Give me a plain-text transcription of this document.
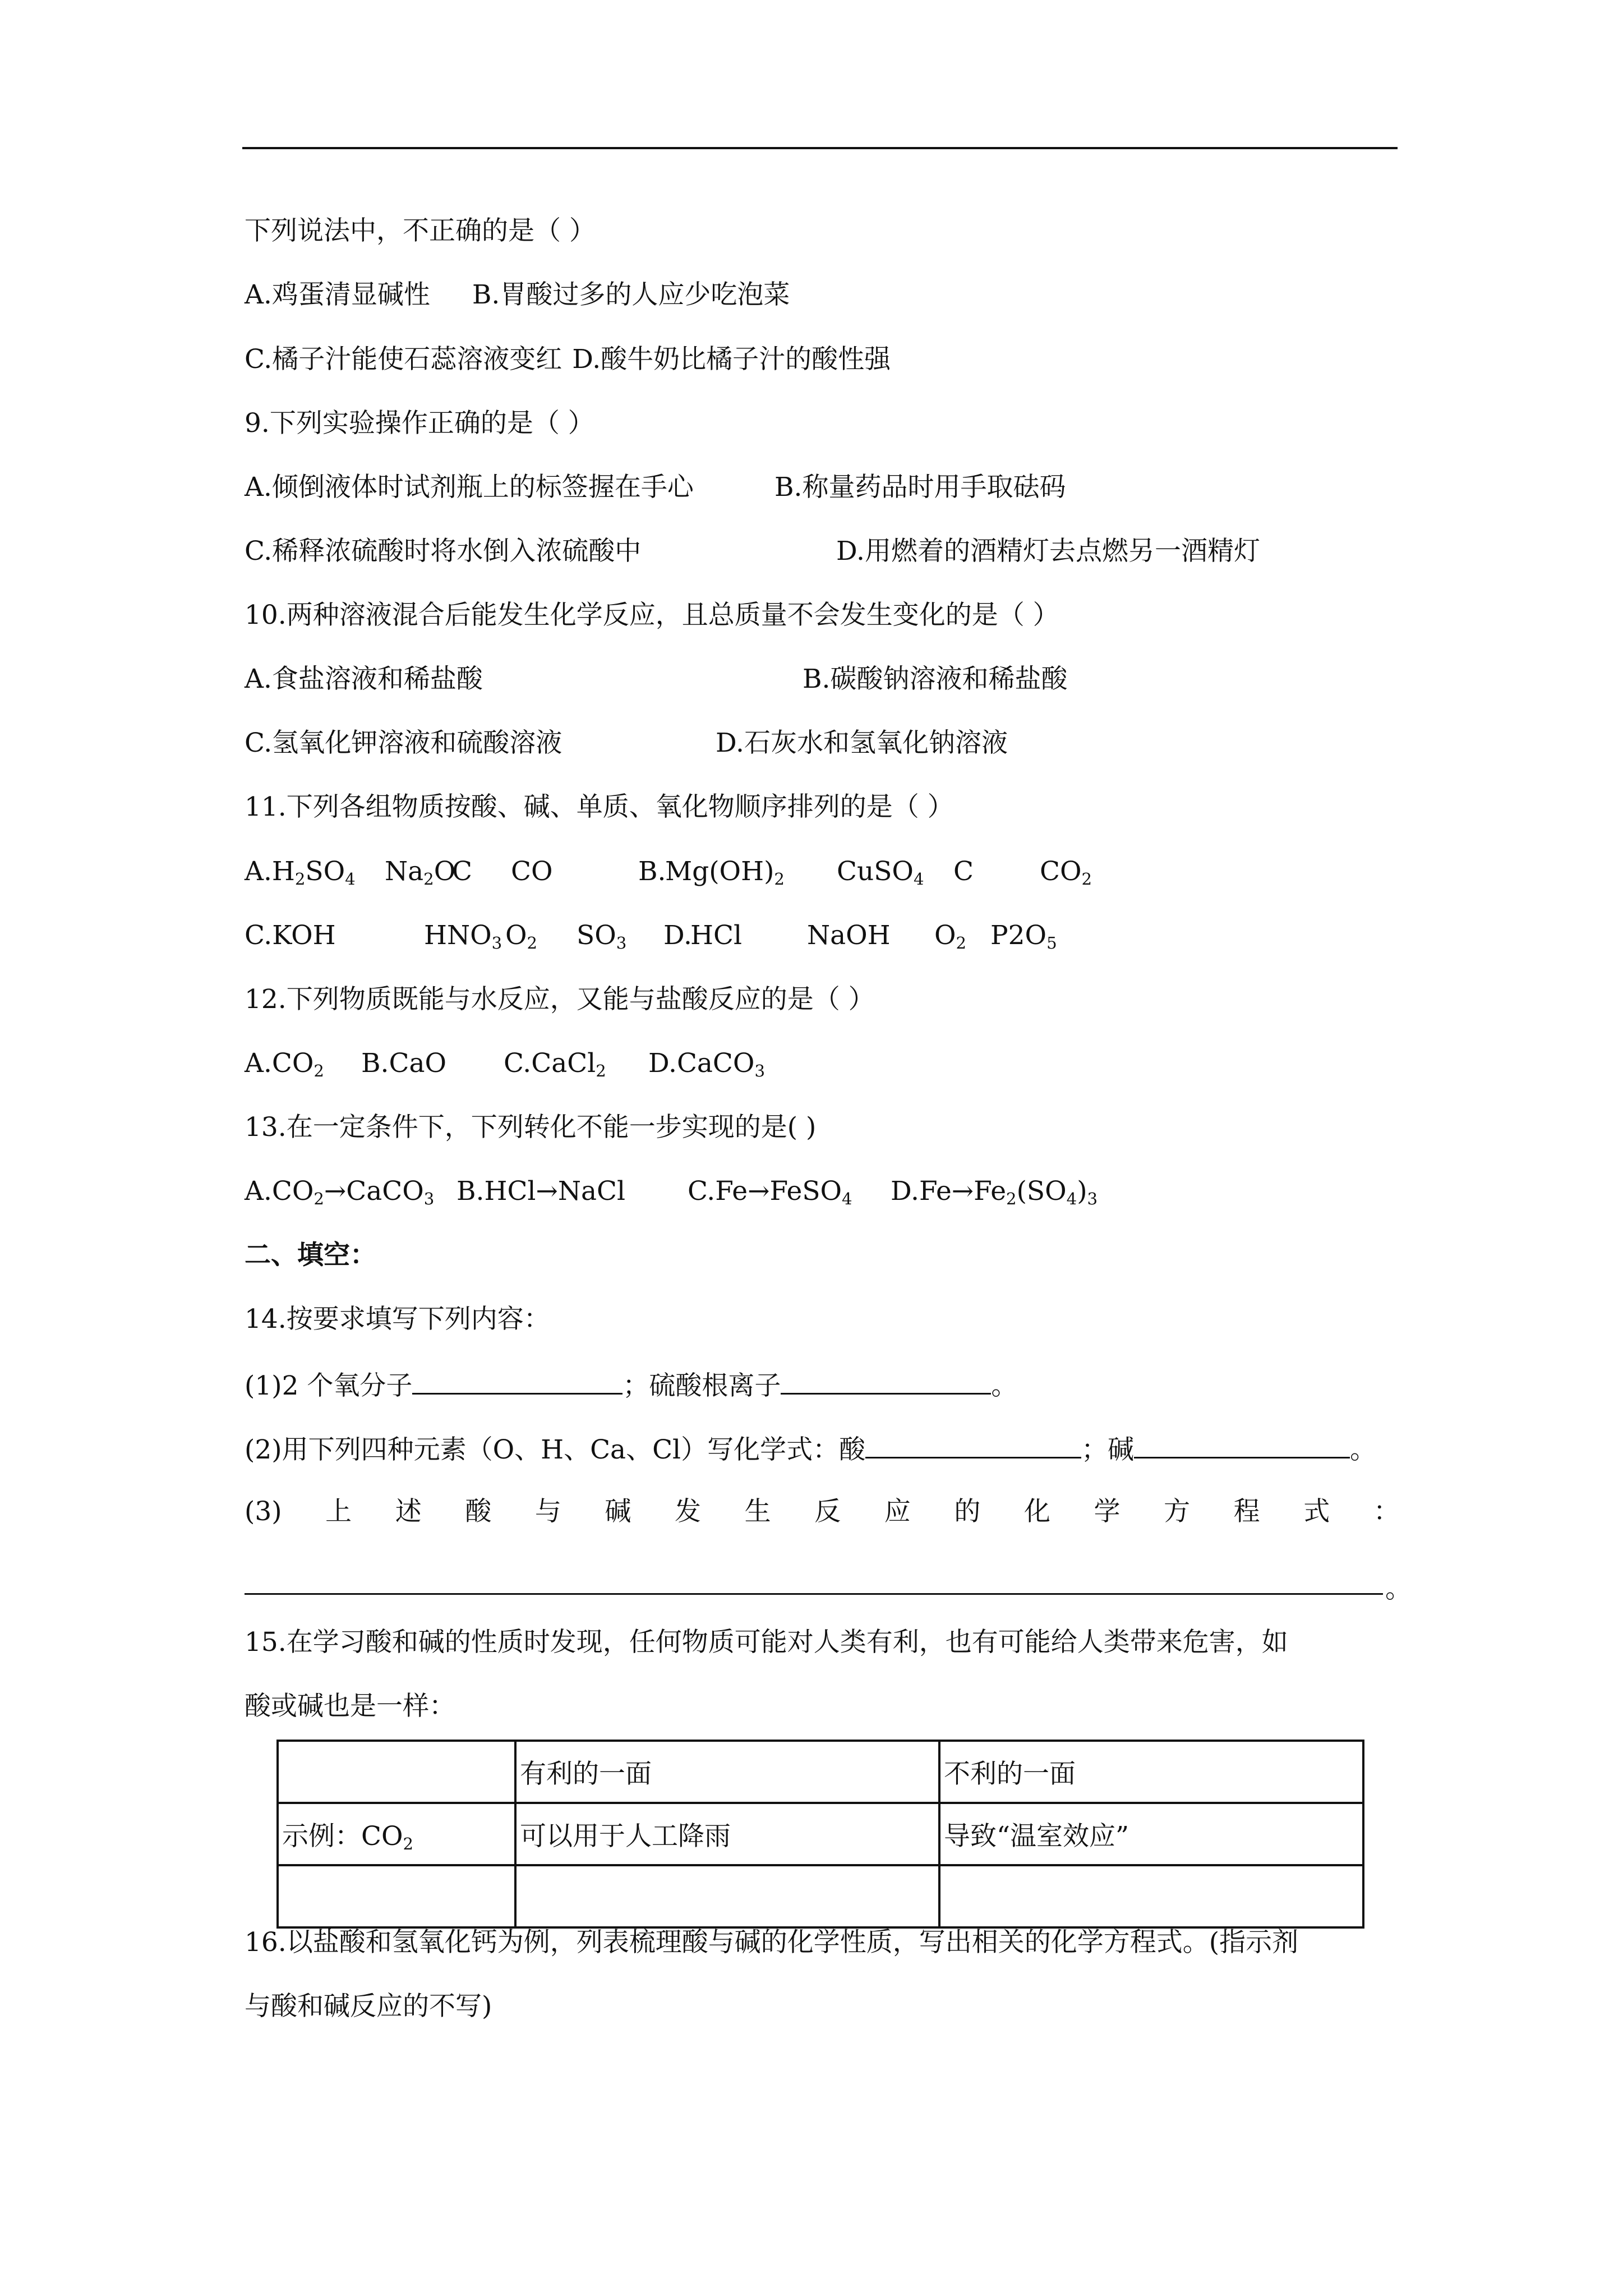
下列说法中，不正确的是（ ）
A.鸡蛋清显碱性 B.胃酸过多的人应少吃泡菜
C.橘子汁能使石蕊溶液变红 D.酸牛奶比橘子汁的酸性强
9.下列实验操作正确的是（ ）
A.倾倒液体时试剂瓶上的标签握在手心	B.称量药品时用手取砝码
C.稀释浓硫酸时将水倒入浓硫酸中	D.用燃着的酒精灯去点燃另一酒精灯
10.两种溶液混合后能发生化学反应，且总质量不会发生变化的是（ ）
A.食盐溶液和稀盐酸	B.碳酸钠溶液和稀盐酸
C.氢氧化钾溶液和硫酸溶液	D.石灰水和氢氧化钠溶液
11.下列各组物质按酸、碱、单质、氧化物顺序排列的是（ ）
$A.H_2SO_4$ $Na_2O$
C CO	B.
$Mg(OH)_2$ CuSO$_4$ C	$CO_2$
C.KOH	$HNO_3$ $O_2$ $SO_3$ D.
HCl NaOH $O_2$ $P2O_5$
12.下列物质既能与水反应，又能与盐酸反应的是（ ）
$A.CO_2$ B.CaO C.CaCl$_2$ D.CaCO$_3$
13.在一定条件下，下列转化不能一步实现的是( )
$A.CO_2\to CaCO_3$ B.HCl→NaCl C.Fe→FeSO$_4$ $D.Fe\to Fe_2(SO_4)_3$
二、填空：
14.按要求填写下列内容：
(1)2 个氧分子	；硫酸根离子	。
(2)用下列四种元素（O、H、Ca、Cl）写化学式：酸	；碱	。
(3) 上 述 酸 与 碱 发 生 反 应 的 化 学 方 程 式 ：
。
15.在学习酸和碱的性质时发现，任何物质可能对人类有利，也有可能给人类带来危害，如
酸或碱也是一样：
	有利的一面	不利的一面
示例：$CO_2$	可以用于人工降雨	导致“温室效应”

16.以盐酸和氢氧化钙为例，列表梳理酸与碱的化学性质，写出相关的化学方程式。(指示剂
与酸和碱反应的不写)
